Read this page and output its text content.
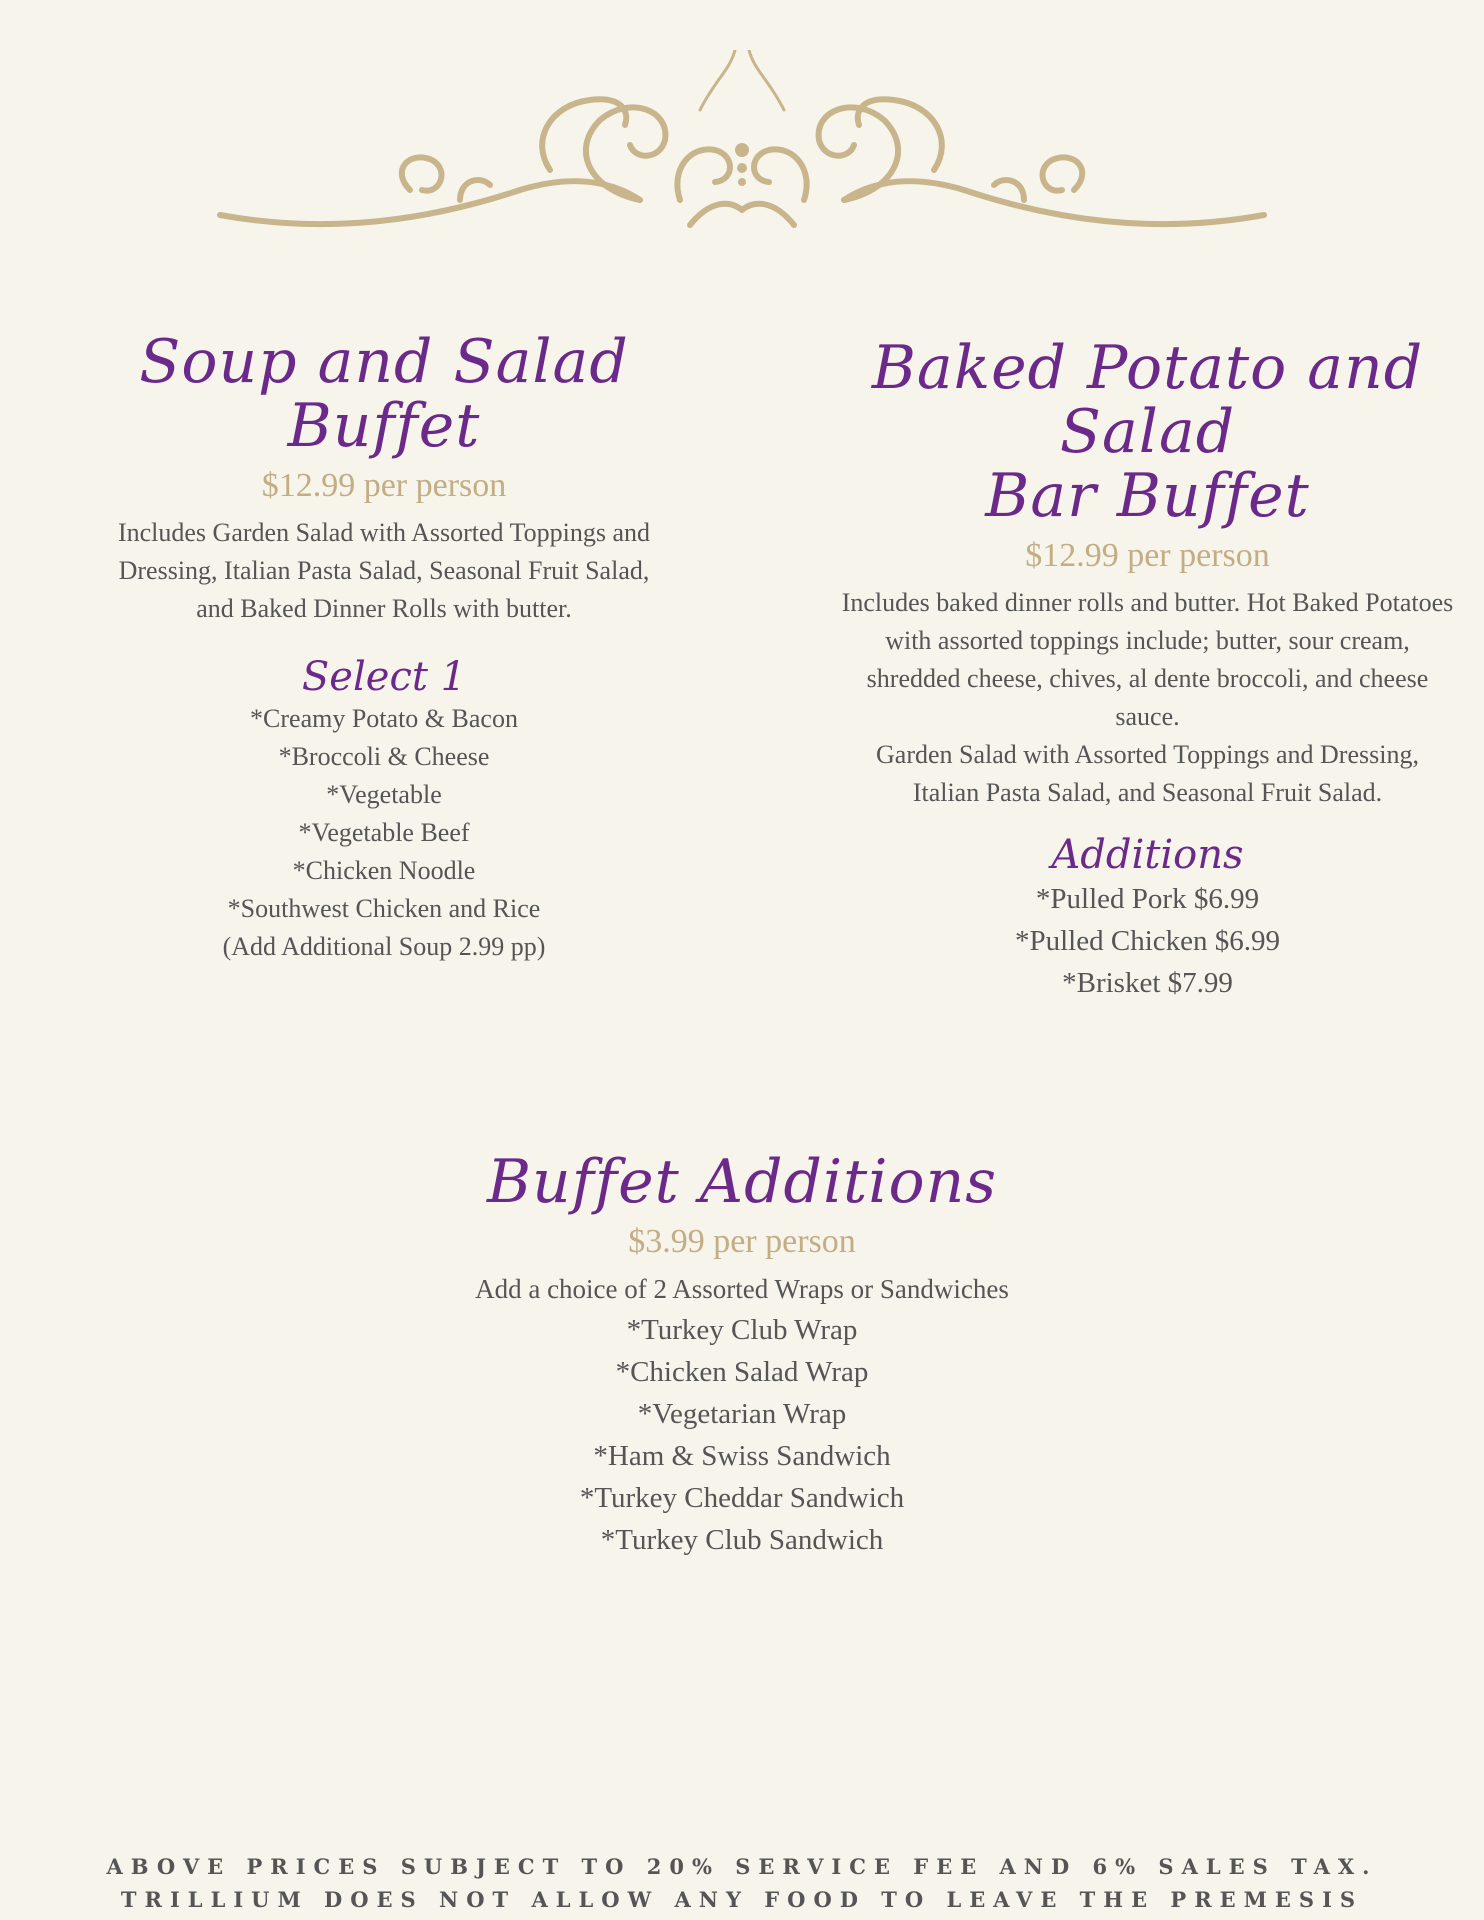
Soup and Salad Buffet
$12.99 per person

Includes Garden Salad with Assorted Toppings and Dressing, Italian Pasta Salad, Seasonal Fruit Salad, and Baked Dinner Rolls with butter.

Select 1
*Creamy Potato & Bacon
*Broccoli & Cheese
*Vegetable
*Vegetable Beef
*Chicken Noodle
*Southwest Chicken and Rice

(Add Additional Soup 2.99 pp)

Baked Potato and Salad
Bar Buffet
$12.99 per person

Includes baked dinner rolls and butter. Hot Baked Potatoes with assorted toppings include; butter, sour cream, shredded cheese, chives, al dente broccoli, and cheese sauce.

Garden Salad with Assorted Toppings and Dressing, Italian Pasta Salad, and Seasonal Fruit Salad.

Additions
*Pulled Pork $6.99
*Pulled Chicken $6.99
*Brisket $7.99
Buffet Additions
$3.99 per person

Add a choice of 2 Assorted Wraps or Sandwiches

*Turkey Club Wrap
*Chicken Salad Wrap
*Vegetarian Wrap
*Ham & Swiss Sandwich
*Turkey Cheddar Sandwich
*Turkey Club Sandwich
ABOVE PRICES SUBJECT TO 20% SERVICE FEE AND 6% SALES TAX.
TRILLIUM DOES NOT ALLOW ANY FOOD TO LEAVE THE PREMESIS
